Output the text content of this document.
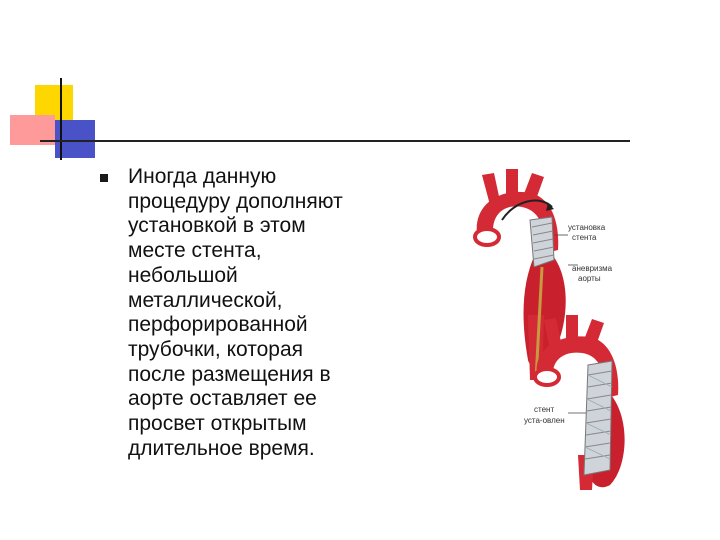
Иногда данную
процедуру дополняют
установкой в этом
месте стента,
небольшой
металлической,
перфорированной
трубочки, которая
после размещения в
аорте оставляет ее
просвет открытым
длительное время.
установка
стента
аневризма
аорты
стент
уста-овлен
